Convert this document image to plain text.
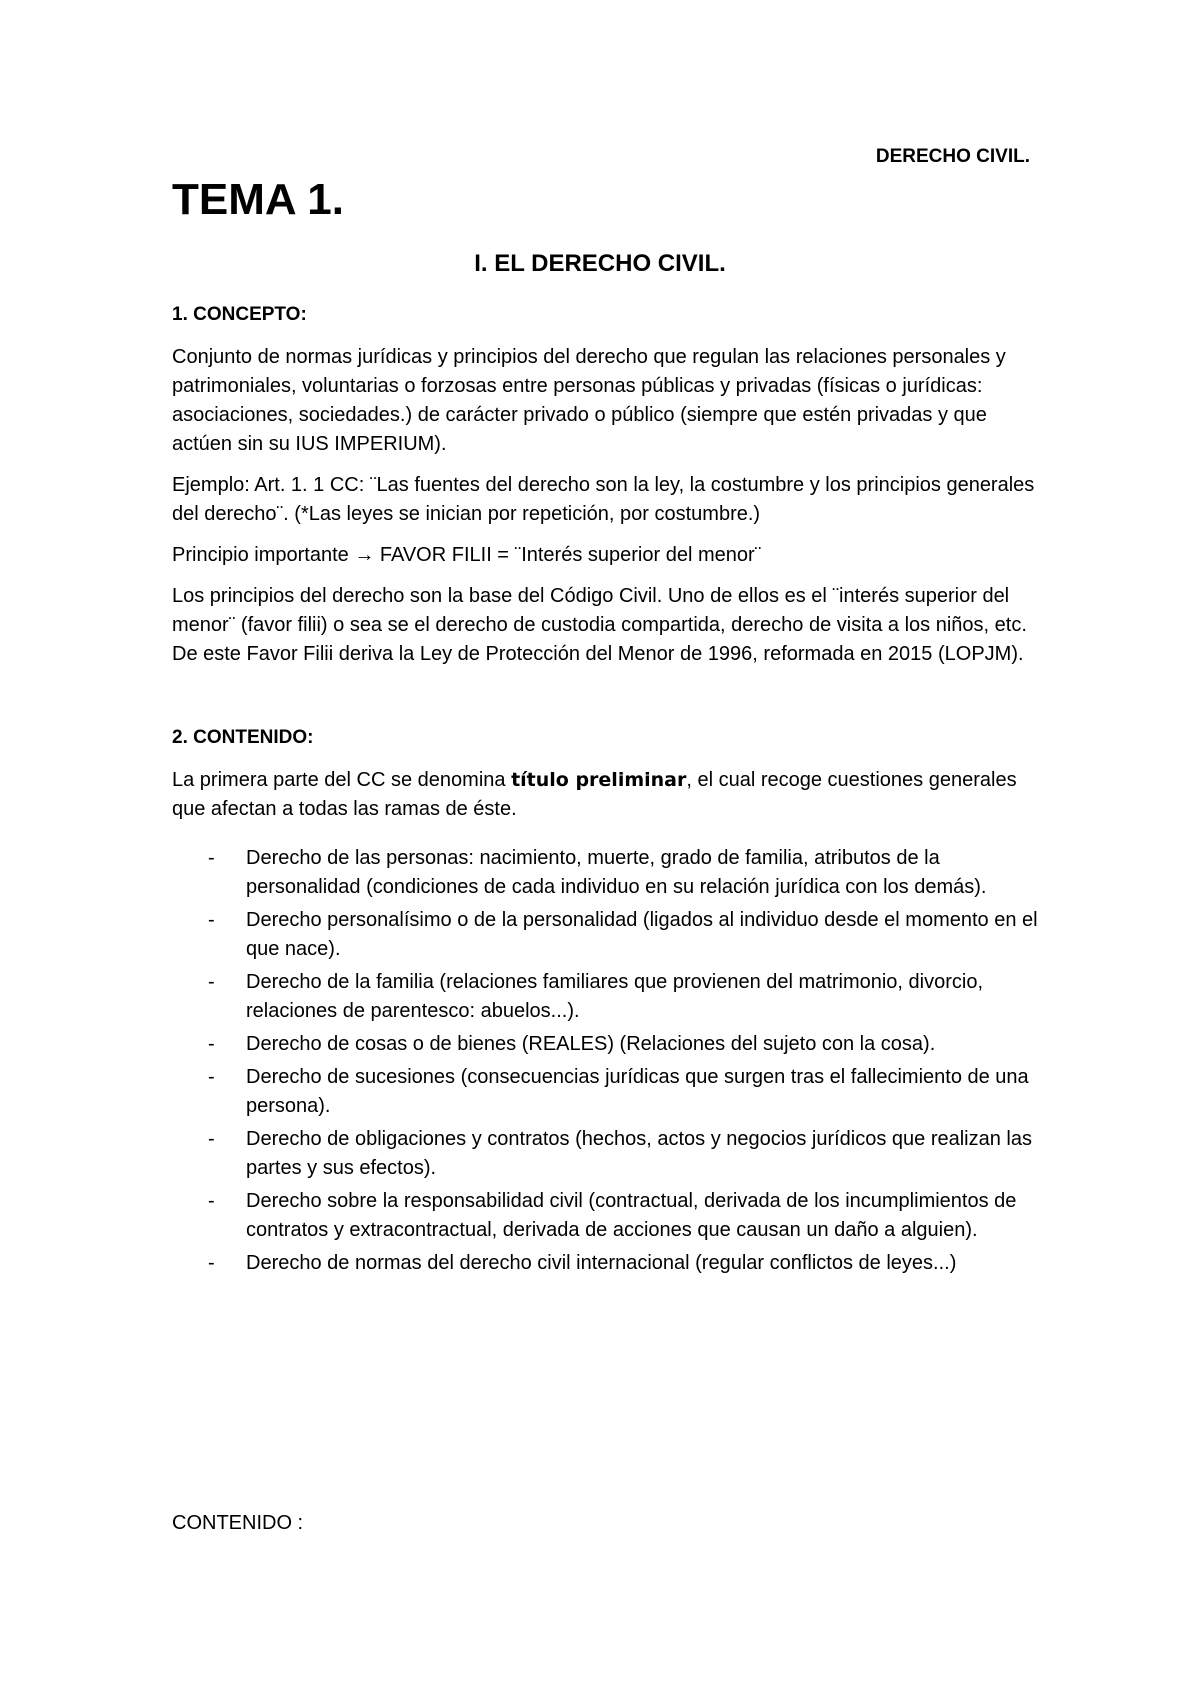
DERECHO CIVIL.
TEMA 1.
I. EL DERECHO CIVIL.

1. CONCEPTO:

Conjunto de normas jurídicas y principios del derecho que regulan las relaciones personales y patrimoniales, voluntarias o forzosas entre personas públicas y privadas (físicas o jurídicas: asociaciones, sociedades.) de carácter privado o público (siempre que estén privadas y que actúen sin su IUS IMPERIUM).

Ejemplo: Art. 1. 1 CC: ¨Las fuentes del derecho son la ley, la costumbre y los principios generales del derecho¨. (*Las leyes se inician por repetición, por costumbre.)

Principio importante → FAVOR FILII = ¨Interés superior del menor¨

Los principios del derecho son la base del Código Civil. Uno de ellos es el ¨interés superior del menor¨ (favor filii) o sea se el derecho de custodia compartida, derecho de visita a los niños, etc. De este Favor Filii deriva la Ley de Protección del Menor de 1996, reformada en 2015 (LOPJM).

2. CONTENIDO:

La primera parte del CC se denomina título preliminar, el cual recoge cuestiones generales que afectan a todas las ramas de éste.

- Derecho de las personas: nacimiento, muerte, grado de familia, atributos de la personalidad (condiciones de cada individuo en su relación jurídica con los demás).
- Derecho personalísimo o de la personalidad (ligados al individuo desde el momento en el que nace).
- Derecho de la familia (relaciones familiares que provienen del matrimonio, divorcio, relaciones de parentesco: abuelos...).
- Derecho de cosas o de bienes (REALES) (Relaciones del sujeto con la cosa).
- Derecho de sucesiones (consecuencias jurídicas que surgen tras el fallecimiento de una persona).
- Derecho de obligaciones y contratos (hechos, actos y negocios jurídicos que realizan las partes y sus efectos).
- Derecho sobre la responsabilidad civil (contractual, derivada de los incumplimientos de contratos y extracontractual, derivada de acciones que causan un daño a alguien).
- Derecho de normas del derecho civil internacional (regular conflictos de leyes...)
CONTENIDO :
